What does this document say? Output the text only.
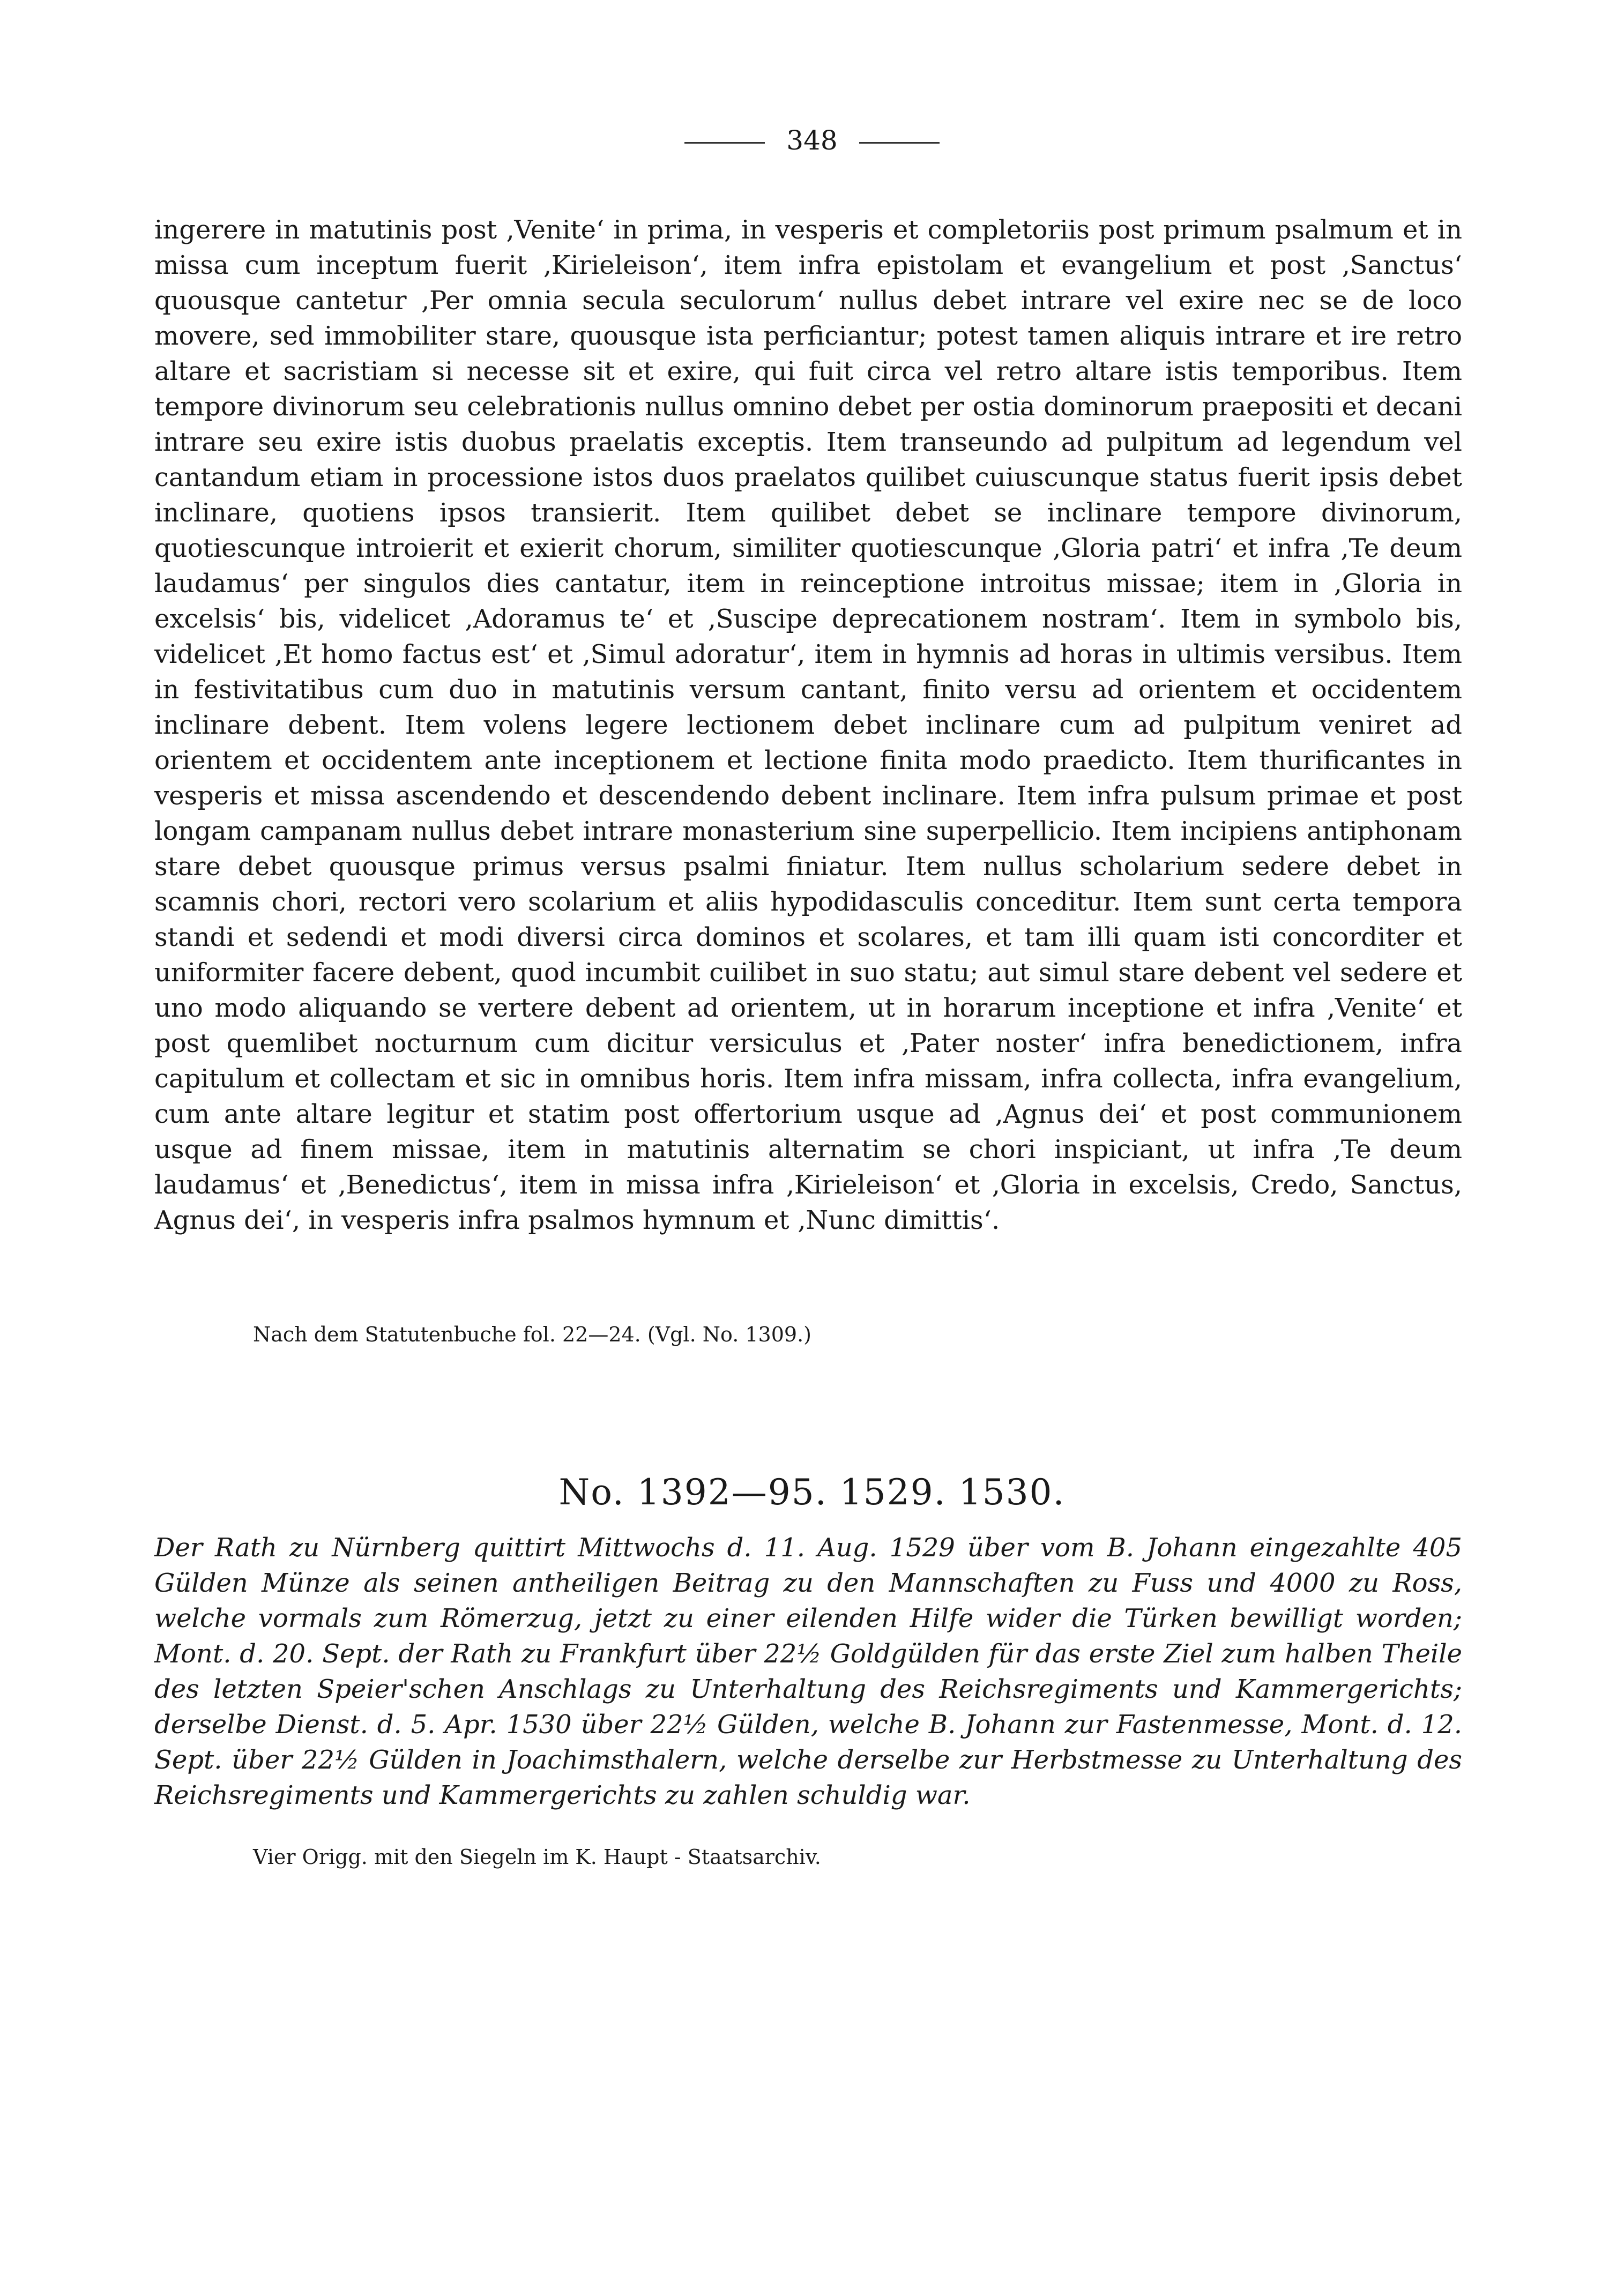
348

ingerere in matutinis post ‚Venite‘ in prima, in vesperis et completoriis post primum psalmum et in missa cum inceptum fuerit ‚Kirieleison‘, item infra epistolam et evangelium et post ‚Sanctus‘ quousque cantetur ‚Per omnia secula seculorum‘ nullus debet intrare vel exire nec se de loco movere, sed immobiliter stare, quousque ista perficiantur; potest tamen aliquis intrare et ire retro altare et sacristiam si necesse sit et exire, qui fuit circa vel retro altare istis temporibus. Item tempore divinorum seu celebrationis nullus omnino debet per ostia dominorum praepositi et decani intrare seu exire istis duobus praelatis exceptis. Item transeundo ad pulpitum ad legendum vel cantandum etiam in processione istos duos praelatos quilibet cuiuscunque status fuerit ipsis debet inclinare, quotiens ipsos transierit. Item quilibet debet se inclinare tempore divinorum, quotiescunque introierit et exierit chorum, similiter quotiescunque ‚Gloria patri‘ et infra ‚Te deum laudamus‘ per singulos dies cantatur, item in reinceptione introitus missae; item in ‚Gloria in excelsis‘ bis, videlicet ‚Adoramus te‘ et ‚Suscipe deprecationem nostram‘. Item in symbolo bis, videlicet ‚Et homo factus est‘ et ‚Simul adoratur‘, item in hymnis ad horas in ultimis versibus. Item in festivitatibus cum duo in matutinis versum cantant, finito versu ad orientem et occidentem inclinare debent. Item volens legere lectionem debet inclinare cum ad pulpitum veniret ad orientem et occidentem ante inceptionem et lectione finita modo praedicto. Item thurificantes in vesperis et missa ascendendo et descendendo debent inclinare. Item infra pulsum primae et post longam campanam nullus debet intrare monasterium sine superpellicio. Item incipiens antiphonam stare debet quousque primus versus psalmi finiatur. Item nullus scholarium sedere debet in scamnis chori, rectori vero scolarium et aliis hypodidasculis conceditur. Item sunt certa tempora standi et sedendi et modi diversi circa dominos et scolares, et tam illi quam isti concorditer et uniformiter facere debent, quod incumbit cuilibet in suo statu; aut simul stare debent vel sedere et uno modo aliquando se vertere debent ad orientem, ut in horarum inceptione et infra ‚Venite‘ et post quemlibet nocturnum cum dicitur versiculus et ‚Pater noster‘ infra benedictionem, infra capitulum et collectam et sic in omnibus horis. Item infra missam, infra collecta, infra evangelium, cum ante altare legitur et statim post offertorium usque ad ‚Agnus dei‘ et post communionem usque ad finem missae, item in matutinis alternatim se chori inspiciant, ut infra ‚Te deum laudamus‘ et ‚Benedictus‘, item in missa infra ‚Kirieleison‘ et ‚Gloria in excelsis, Credo, Sanctus, Agnus dei‘, in vesperis infra psalmos hymnum et ‚Nunc dimittis‘.

Nach dem Statutenbuche fol. 22—24. (Vgl. No. 1309.)
No. 1392—95. 1529. 1530.
Der Rath zu Nürnberg quittirt Mittwochs d. 11. Aug. 1529 über vom B. Johann eingezahlte 405 Gülden Münze als seinen antheiligen Beitrag zu den Mannschaften zu Fuss und 4000 zu Ross, welche vormals zum Römerzug, jetzt zu einer eilenden Hilfe wider die Türken bewilligt worden; Mont. d. 20. Sept. der Rath zu Frankfurt über 22½ Goldgülden für das erste Ziel zum halben Theile des letzten Speier'schen Anschlags zu Unterhaltung des Reichsregiments und Kammergerichts; derselbe Dienst. d. 5. Apr. 1530 über 22½ Gülden, welche B. Johann zur Fastenmesse, Mont. d. 12. Sept. über 22½ Gülden in Joachimsthalern, welche derselbe zur Herbstmesse zu Unterhaltung des Reichsregiments und Kammergerichts zu zahlen schuldig war.
Vier Origg. mit den Siegeln im K. Haupt - Staatsarchiv.
